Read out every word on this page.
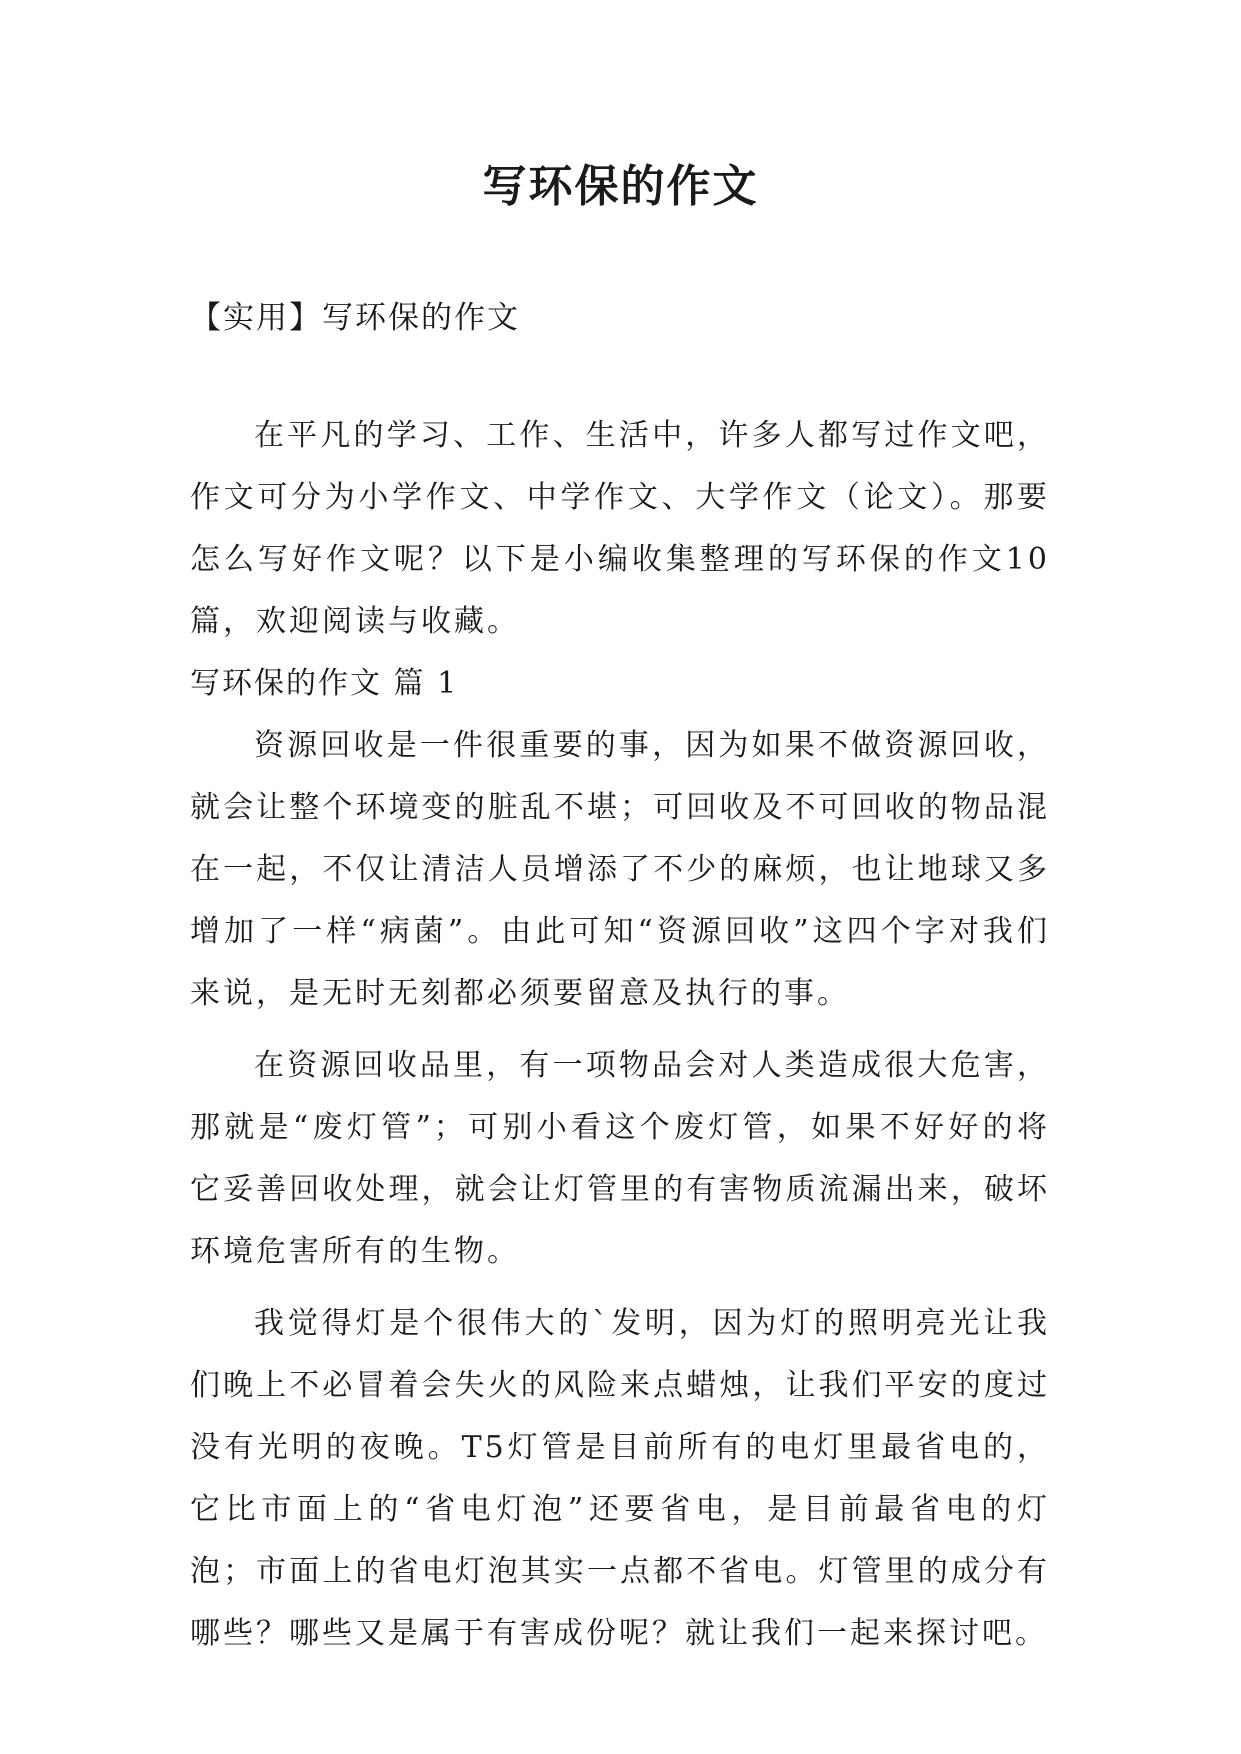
写环保的作文

【实用】写环保的作文

在平凡的学习、工作、生活中，许多人都写过作文吧，作文可分为小学作文、中学作文、大学作文（论文）。那要怎么写好作文呢？以下是小编收集整理的写环保的作文10篇，欢迎阅读与收藏。

写环保的作文 篇 1

资源回收是一件很重要的事，因为如果不做资源回收，就会让整个环境变的脏乱不堪；可回收及不可回收的物品混在一起，不仅让清洁人员增添了不少的麻烦，也让地球又多增加了一样“病菌”。由此可知“资源回收”这四个字对我们来说，是无时无刻都必须要留意及执行的事。

在资源回收品里，有一项物品会对人类造成很大危害，那就是“废灯管”；可别小看这个废灯管，如果不好好的将它妥善回收处理，就会让灯管里的有害物质流漏出来，破坏环境危害所有的生物。

我觉得灯是个很伟大的`发明，因为灯的照明亮光让我们晚上不必冒着会失火的风险来点蜡烛，让我们平安的度过没有光明的夜晚。T5灯管是目前所有的电灯里最省电的，它比市面上的“省电灯泡”还要省电，是目前最省电的灯泡；市面上的省电灯泡其实一点都不省电。灯管里的成分有哪些？哪些又是属于有害成份呢？就让我们一起来探讨吧。
